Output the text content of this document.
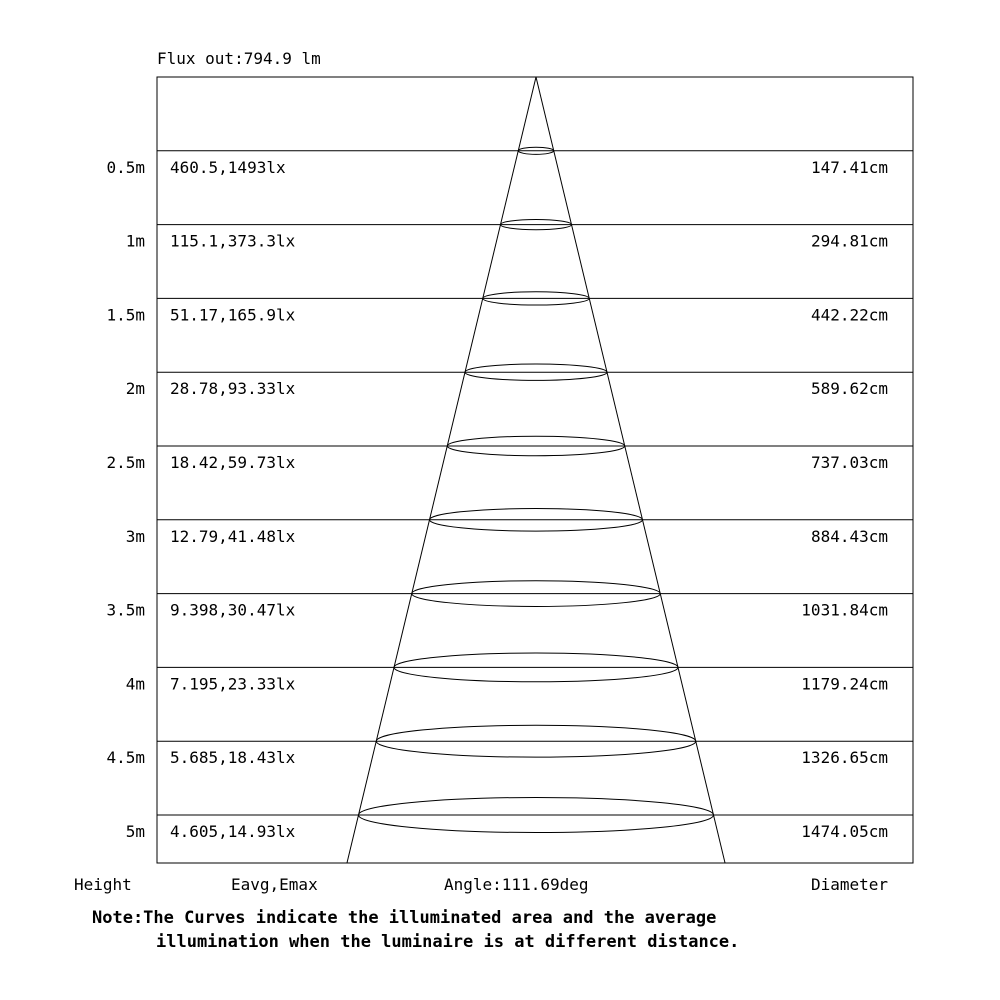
Flux out:794.9 lm
0.5m 460.5,1493lx	147.41cm
1m 115.1,373.3lx	294.81cm
1.5m 51.17,165.9lx	442.22cm
2m 28.78,93.33lx	589.62cm
2.5m 18.42,59.73lx	737.03cm
3m 12.79,41.48lx	884.43cm
3.5m 9.398,30.47lx	1031.84cm
4m 7.195,23.33lx	1179.24cm
4.5m 5.685,18.43lx	1326.65cm
5m 4.605,14.93lx	1474.05cm
Height	Eavg,Emax	Angle:111.69deg	Diameter

Note:The Curves indicate the illuminated area and the average
illumination when the luminaire is at different distance.
